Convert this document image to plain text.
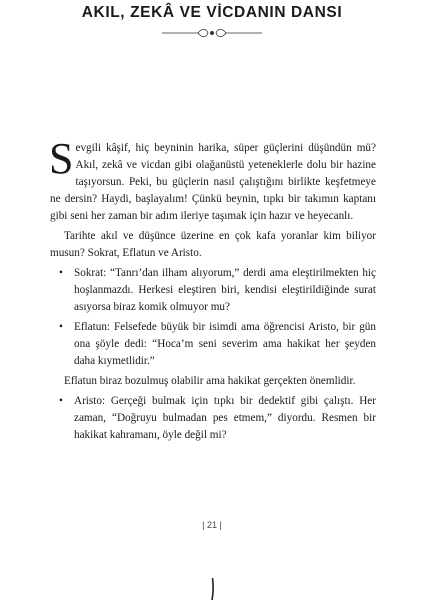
AKIL, ZEKÂ VE VİCDANIN DANSI

Sevgili kâşif, hiç beyninin harika, süper güçlerini düşündün mü? Akıl, zekâ ve vicdan gibi olağanüstü yeteneklerle dolu bir hazine taşıyorsun. Peki, bu güçlerin nasıl çalıştığını birlikte keşfetmeye ne dersin? Haydi, başlayalım! Çünkü beynin, tıpkı bir takımın kaptanı gibi seni her zaman bir adım ileriye taşımak için hazır ve heyecanlı.

Tarihte akıl ve düşünce üzerine en çok kafa yoranlar kim biliyor musun? Sokrat, Eflatun ve Aristo.

• Sokrat: “Tanrı’dan ilham alıyorum,” derdi ama eleştirilmekten hiç hoşlanmazdı. Herkesi eleştiren biri, kendisi eleştirildiğinde surat asıyorsa biraz komik olmuyor mu?

• Eflatun: Felsefede büyük bir isimdi ama öğrencisi Aristo, bir gün ona şöyle dedi: “Hoca’m seni severim ama hakikat her şeyden daha kıymetlidir.”

Eflatun biraz bozulmuş olabilir ama hakikat gerçekten önemlidir.

• Aristo: Gerçeği bulmak için tıpkı bir dedektif gibi çalıştı. Her zaman, “Doğruyu bulmadan pes etmem,” diyordu. Resmen bir hakikat kahramanı, öyle değil mi?

| 21 |
